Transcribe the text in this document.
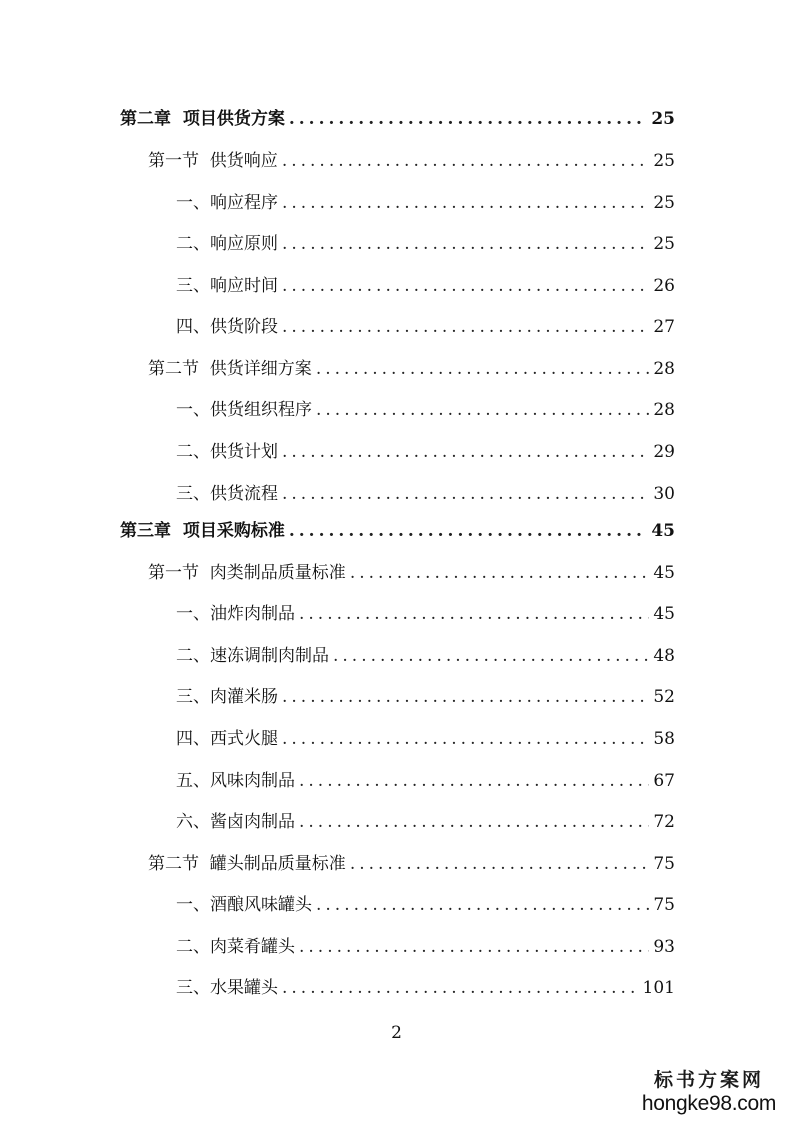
第二章  项目供货方案 .....	25
第一节  供货响应 .....	25
一、响应程序 .....	25
二、响应原则 .....	25
三、响应时间 .....	26
四、供货阶段 .....	27
第二节  供货详细方案 .....	28
一、供货组织程序 .....	28
二、供货计划 .....	29
三、供货流程 .....	30
第三章  项目采购标准 .....	45
第一节  肉类制品质量标准 .....	45
一、油炸肉制品 .....	45
二、速冻调制肉制品 .....	48
三、肉灌米肠 .....	52
四、西式火腿 .....	58
五、风味肉制品 .....	67
六、酱卤肉制品 .....	72
第二节  罐头制品质量标准 .....	75
一、酒酿风味罐头 .....	75
二、肉菜肴罐头 .....	93
三、水果罐头 .....	101
2
标书方案网
hongke98.com
